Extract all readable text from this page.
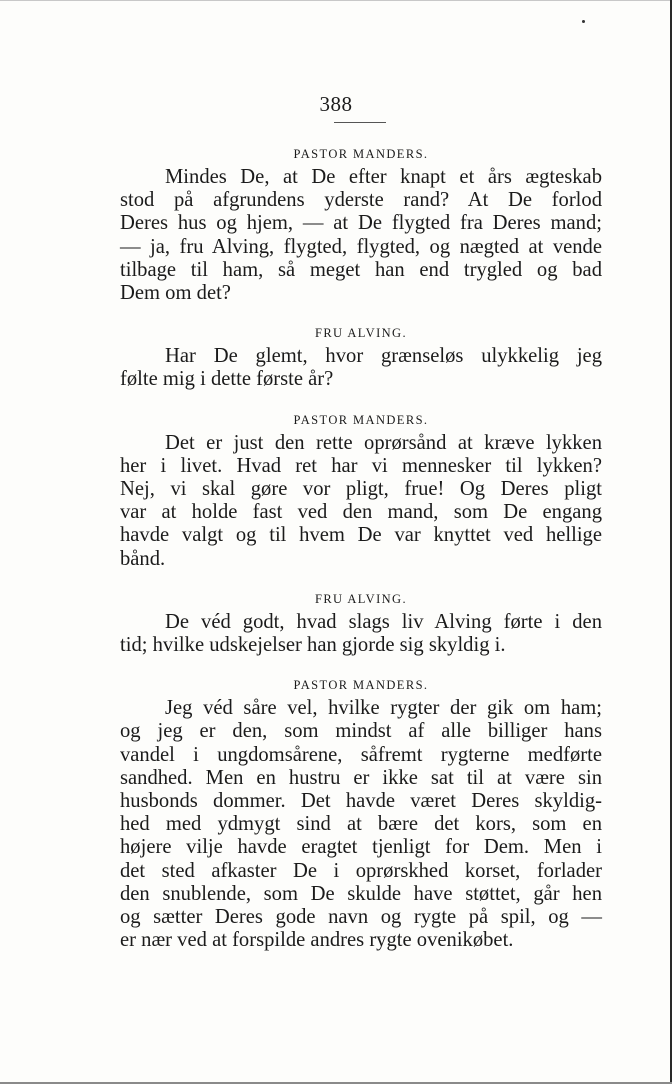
388
PASTOR MANDERS.
Mindes De, at De efter knapt et års ægteskab
stod på afgrundens yderste rand? At De forlod
Deres hus og hjem, — at De flygted fra Deres mand;
— ja, fru Alving, flygted, flygted, og nægted at vende
tilbage til ham, så meget han end trygled og bad
Dem om det?
FRU ALVING.
Har De glemt, hvor grænseløs ulykkelig jeg
følte mig i dette første år?
PASTOR MANDERS.
Det er just den rette oprørsånd at kræve lykken
her i livet. Hvad ret har vi mennesker til lykken?
Nej, vi skal gøre vor pligt, frue! Og Deres pligt
var at holde fast ved den mand, som De engang
havde valgt og til hvem De var knyttet ved hellige
bånd.
FRU ALVING.
De véd godt, hvad slags liv Alving førte i den
tid; hvilke udskejelser han gjorde sig skyldig i.
PASTOR MANDERS.
Jeg véd såre vel, hvilke rygter der gik om ham;
og jeg er den, som mindst af alle billiger hans
vandel i ungdomsårene, såfremt rygterne medførte
sandhed. Men en hustru er ikke sat til at være sin
husbonds dommer. Det havde været Deres skyldig-
hed med ydmygt sind at bære det kors, som en
højere vilje havde eragtet tjenligt for Dem. Men i
det sted afkaster De i oprørskhed korset, forlader
den snublende, som De skulde have støttet, går hen
og sætter Deres gode navn og rygte på spil, og —
er nær ved at forspilde andres rygte ovenikøbet.
